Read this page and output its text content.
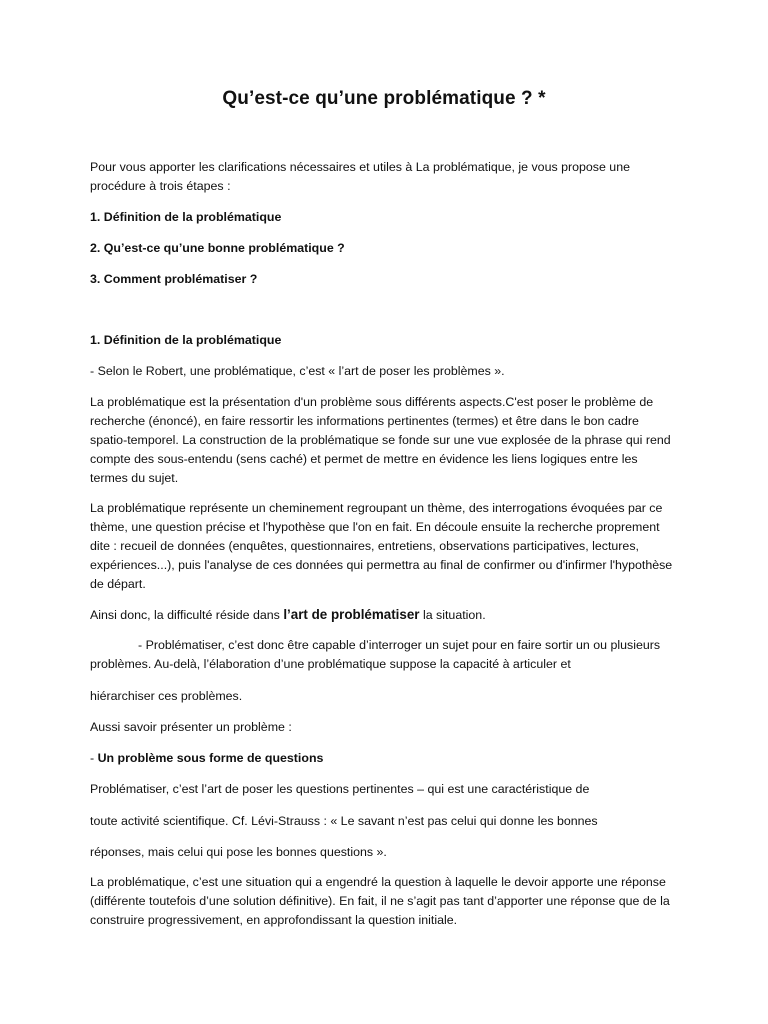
Qu’est-ce qu’une problématique ? *

Pour vous apporter les clarifications nécessaires et utiles à La problématique, je vous propose une procédure à trois étapes :

1. Définition de la problématique

2. Qu’est-ce qu’une bonne problématique ?

3. Comment problématiser ?

1. Définition de la problématique

- Selon le Robert, une problématique, c’est « l’art de poser les problèmes ».

La problématique est la présentation d'un problème sous différents aspects.C'est poser le problème de recherche (énoncé), en faire ressortir les informations pertinentes (termes) et être dans le bon cadre spatio-temporel. La construction de la problématique se fonde sur une vue explosée de la phrase qui rend compte des sous-entendu (sens caché) et permet de mettre en évidence les liens logiques entre les termes du sujet.

La problématique représente un cheminement regroupant un thème, des interrogations évoquées par ce thème, une question précise et l'hypothèse que l'on en fait. En découle ensuite la recherche proprement dite : recueil de données (enquêtes, questionnaires, entretiens, observations participatives, lectures, expériences...), puis l'analyse de ces données qui permettra au final de confirmer ou d'infirmer l'hypothèse de départ.

Ainsi donc, la difficulté réside dans l’art de problématiser la situation.

- Problématiser, c’est donc être capable d’interroger un sujet pour en faire sortir un ou plusieurs problèmes. Au-delà, l’élaboration d’une problématique suppose la capacité à articuler et

hiérarchiser ces problèmes.

Aussi savoir présenter un problème :

- Un problème sous forme de questions

Problématiser, c’est l’art de poser les questions pertinentes – qui est une caractéristique de

toute activité scientifique. Cf. Lévi-Strauss : « Le savant n’est pas celui qui donne les bonnes

réponses, mais celui qui pose les bonnes questions ».

La problématique, c’est une situation qui a engendré la question à laquelle le devoir apporte une réponse (différente toutefois d’une solution définitive). En fait, il ne s’agit pas tant d’apporter une réponse que de la construire progressivement, en approfondissant la question initiale.
